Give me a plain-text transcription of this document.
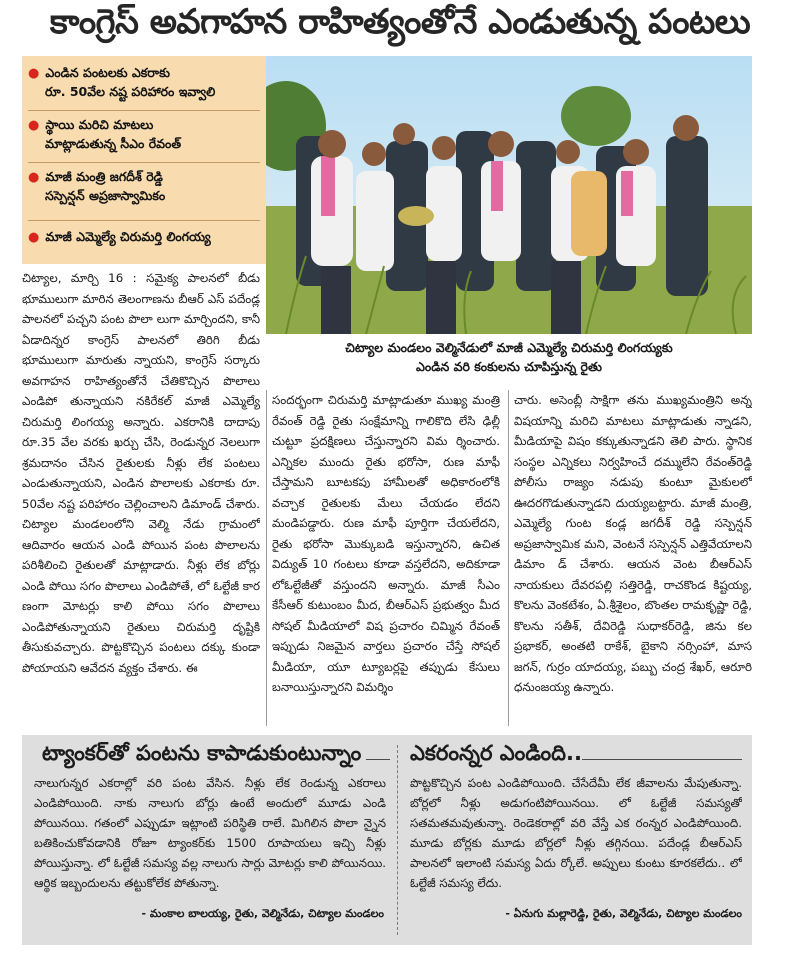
కాంగ్రెస్ అవగాహన రాహిత్యంతోనే ఎండుతున్న పంటలు
● ఎండిన పంటలకు ఎకరాకు
రూ. 50వేల నష్ట పరిహారం ఇవ్వాలి
● స్థాయి మరిచి మాటలు
మాట్లాడుతున్న సీఎం రేవంత్
● మాజీ మంత్రి జగదీశ్ రెడ్డి
సస్పెన్షన్ అప్రజాస్వామికం
● మాజీ ఎమ్మెల్యే చిరుమర్తి లింగయ్య
చిట్యాల మండలం వెల్మినేడులో మాజీ ఎమ్మెల్యే చిరుమర్తి లింగయ్యకు
ఎండిన వరి కంకులను చూపిస్తున్న రైతు

చిట్యాల, మార్చి 16 : సమైక్య పాలనలో బీడు భూములుగా మారిన తెలంగాణను బీఆర్ ఎస్ పదేండ్ల పాలనలో పచ్చని పంట పొలా లుగా మార్చిందని, కానీ ఏడాదిన్నర కాంగ్రెస్ పాలనలో తిరిగి బీడు భూములుగా మారుతు న్నాయని, కాంగ్రెస్ సర్కారు అవగాహన రాహిత్యంతోనే చేతికొచ్చిన పొలాలు ఎండిపో తున్నాయని నకిరేకల్ మాజీ ఎమ్మెల్యే చిరుమర్తి లింగయ్య అన్నారు. ఎకరానికి దాదాపు రూ.35 వేల వరకు ఖర్చు చేసి, రెండున్నర నెలలుగా శ్రమదానం చేసిన రైతులకు నీళ్లు లేక పంటలు ఎండుతున్నాయని, ఎండిన పొలాలకు ఎకరాకు రూ. 50వేల నష్ట పరిహారం చెల్లించాలని డిమాండ్ చేశారు. చిట్యాల మండలంలోని వెల్మి నేడు గ్రామంలో ఆదివారం ఆయన ఎండి పోయిన పంట పొలాలను పరిశీలించి రైతులతో మాట్లాడారు. నీళ్లు లేక బోర్లు ఎండి పోయి సగం పొలాలు ఎండిపోతే, లో ఓల్టేజీ కార ణంగా మోటర్లు కాలి పోయి సగం పొలాలు ఎండిపోతున్నాయని రైతులు చిరుమర్తి దృష్టికి తీసుకువచ్చారు. పొట్టకొచ్చిన పంటలు దక్కు కుండా పోయాయని ఆవేదన వ్యక్తం చేశారు. ఈ

సందర్భంగా చిరుమర్తి మాట్లాడుతూ ముఖ్య మంత్రి రేవంత్ రెడ్డి రైతు సంక్షేమాన్ని గాలికొది లేసి ఢిల్లీ చుట్టూ ప్రదక్షిణలు చేస్తున్నారని విమ ర్శించారు. ఎన్నికల ముందు రైతు భరోసా, రుణ మాఫీ చేస్తామని బూటకపు హామీలతో అధికారంలోకి వచ్చాక రైతులకు మేలు చేయడం లేదని మండిపడ్డారు. రుణ మాఫీ పూర్తిగా చేయలేదని, రైతు భరోసా మొక్కుబడి ఇస్తున్నారని, ఉచిత విద్యుత్ 10 గంటలు కూడా వస్తలేదని, అదికూడా లోఓల్టేజీతో వస్తుందని అన్నారు. మాజీ సీఎం కేసీఆర్ కుటుంబం మీద, బీఆర్ఎస్ ప్రభుత్వం మీద సోషల్ మీడియాలో విష ప్రచారం చిమ్మిన రేవంత్ ఇప్పుడు నిజమైన వార్తలు ప్రచారం చేస్తే సోషల్ మీడియా, యూ ట్యూబర్లపై తప్పుడు కేసులు బనాయిస్తున్నారని విమర్శిం

చారు. అసెంబ్లీ సాక్షిగా తను ముఖ్యమంత్రిని అన్న విషయాన్ని మరిచి మాటలు మాట్లాడుతు న్నాడని, మీడియాపై విషం కక్కుతున్నాడని తెలి పారు. స్థానిక సంస్థల ఎన్నికలు నిర్వహించే దమ్ములేని రేవంత్‌రెడ్డి పోలీసు రాజ్యం నడుపు కుంటూ మైకులలో ఊదరగొడుతున్నాడని దుయ్యబట్టారు. మాజీ మంత్రి, ఎమ్మెల్యే గుంట కండ్ల జగదీశ్ రెడ్డి సస్పెన్షన్ అప్రజాస్వామిక మని, వెంటనే సస్పెన్షన్ ఎత్తివేయాలని డిమాం డ్ చేశారు. ఆయన వెంట బీఆర్ఎస్ నాయకులు దేవరపల్లి సత్తిరెడ్డి, రాచకొండ కిష్టయ్య, కొలను వెంకటేశం, ఏ.శ్రీశైలం, బొంతల రామకృష్ణా రెడ్డి, కొలను సతీశ్, దేవిరెడ్డి సుధాకర్‌రెడ్డి, జిను కల ప్రభాకర్, అంతటి రాకేశ్, బైకాని నర్సింహా, మాస జగన్, గుర్రం యాదయ్య, పబ్బు చంద్ర శేఖర్, ఆరూరి ధనుంజయ్య ఉన్నారు.

ట్యాంకర్‌తో పంటను కాపాడుకుంటున్నాం
నాలుగున్నర ఎకరాల్లో వరి పంట వేసిన. నీళ్లు లేక రెండున్న ఎకరాలు ఎండిపోయింది. నాకు నాలుగు బోర్లు ఉంటే అందులో మూడు ఎండి పోయినయి. గతంలో ఎప్పుడూ ఇట్లాంటి పరిస్థితి రాలే. మిగిలిన పొలా న్నైన బతికించుకోవడానికి రోజూ ట్యాంకర్‌కు 1500 రూపాయలు ఇచ్చి నీళ్లు పోయిస్తున్నా. లో ఓల్టేజీ సమస్య వల్ల నాలుగు సార్లు మోటర్లు కాలి పోయినయి. ఆర్థిక ఇబ్బందులను తట్టుకోలేక పోతున్నా.
- మంకాల బాలయ్య, రైతు, వెల్మినేడు, చిట్యాల మండలం
ఎకరంన్నర ఎండింది..
పొట్టకొచ్చిన పంట ఎండిపోయింది. చేసేదేమీ లేక జీవాలను మేపుతున్నా. బోర్లలో నీళ్లు అడుగంటిపోయినయి. లో ఓల్టేజీ సమస్యతో సతమతమవుతున్నా. రెండెకరాల్లో వరి వేస్తే ఎక రంన్నర ఎండిపోయింది. మూడు బోర్లకు మూడు బోర్లలో నీళ్లు తగ్గినయి. పదేండ్ల బీఆర్ఎస్ పాలనలో ఇలాంటి సమస్య ఏదు ర్కోలే. అప్పులు కుంటు కూరకలేదు.. లో ఓల్టేజీ సమస్య లేదు.
- ఏనుగు మల్లారెడ్డి, రైతు, వెల్మినేడు, చిట్యాల మండలం
